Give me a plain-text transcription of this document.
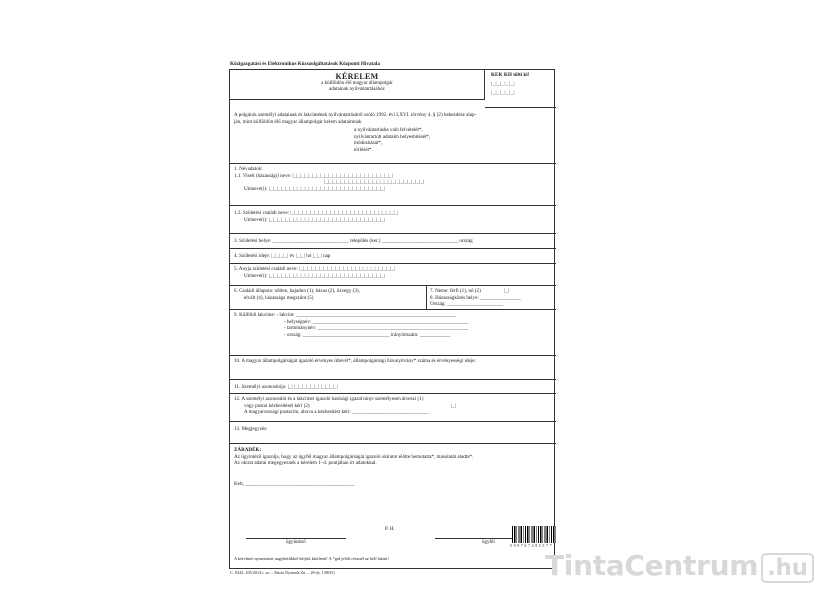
Közigazgatási és Elektronikus Közszolgáltatások Központi Hivatala
KÉRELEM
a külföldön élő magyar állampolgár
adatainak nyilvántartásához
KEK KH tölti ki!
|_|_|_|_|_|
|_|_|_|_|_|
A polgárok személyi adatainak és lakcímének nyilvántartásáról szóló 1992. évi LXVI. törvény 4. § (2) bekezdése alap-
ján, mint külföldön élő magyar állampolgár kérem adataimnak
a nyilvántartásba való felvételét*,
nyilvántartott adataim helyesbítését*,
módosítását*,
törlését*.
1. Névadatok:
1.1. Viselt (házassági) neve: |_|_|_|_|_|_|_|_|_|_|_|_|_|_|_|_|_|_|_|_|_|_|_|_|_|
|_|_|_|_|_|_|_|_|_|_|_|_|_|_|_|_|_|_|_|_|_|_|_|_|_|
Utóneve(i): |_|_|_|_|_|_|_|_|_|_|_|_|_|_|_|_|_|_|_|_|_|_|_|_|_|_|_|_|_|
1.2. Születési családi neve: |_|_|_|_|_|_|_|_|_|_|_|_|_|_|_|_|_|_|_|_|_|_|_|_|_|_|_|
Utóneve(i): |_|_|_|_|_|_|_|_|_|_|_|_|_|_|_|_|_|_|_|_|_|_|_|_|_|_|_|_|_|
3. Születési helye: ______________________________ település (ker.) ______________________________ ország
4. Születési ideje: |_|_|_|_| év |_|_| hó |_|_| nap
5. Anyja születési családi neve: |_|_|_|_|_|_|_|_|_|_|_|_|_|_|_|_|_|_|_|_|_|_|_|_|
Utóneve(i): |_|_|_|_|_|_|_|_|_|_|_|_|_|_|_|_|_|_|_|_|_|_|_|_|_|_|_|_|_|
6. Családi állapota: nőtlen, hajadon (1), házas (2), özvegy (3),
elvált (4), házassága megszűnt (5)
7. Neme: férfi (1), nő (2)	|_|
8. Házasságkötés helye: ________________
Ország: ______________________
9. Külföldi lakcíme: - lakcím: _______________________________________________________________
- helységnév: _____________________________________________________________
- tartománynév: ___________________________________________________________
- ország: __________________________________ irányítószám: ____________
10. A magyar állampolgárságát igazoló érvényes útlevél*, állampolgársági bizonyítvány* száma és érvényességi ideje:
11. Személyi azonosítója: |_| |_|_|_|_|_|_| |_|_|_|_|
12. A személyi azonosítót és a lakcímet igazoló hatósági igazolványt személyesen átveszi (1)
vagy postai kézbesítését kéri (2)	|_|
A magyarországi postacím, ahova a kézbesítést kéri: ______________________________
13. Megjegyzés:
ZÁRADÉK:
Az ügyintéző igazolja, hogy az ügyfél magyar állampolgárságát igazoló okiratot előtte bemutatta*, másolatát átadta*.
Az okirat adatai megegyeznek a kérelem 1–4. pontjában írt adatokkal.
Kelt, ___________________________________________
P. H.
ügyintéző	ügyfél
A kérelmet nyomtatott nagybetűkkel kérjük kitölteni! A *gal jelölt résznél az kell húzni!
C. 0243–105/2014 r. sz. – Patria Nyomda Zrt. – (Foly. 1/8635)
5 9 9 7 6 7 4 8 5 5 7 7
TintaCentrum .hu
